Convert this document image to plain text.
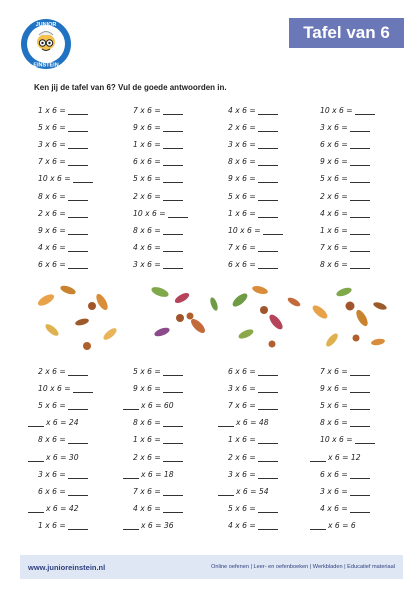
JUNIOR
EINSTEIN
Tafel van 6
Ken jij de tafel van 6? Vul de goede antwoorden in.
1 x 6 =	7 x 6 =	4 x 6 =	10 x 6 =
5 x 6 =	9 x 6 =	2 x 6 =	3 x 6 =
3 x 6 =	1 x 6 =	3 x 6 =	6 x 6 =
7 x 6 =	6 x 6 =	8 x 6 =	9 x 6 =
10 x 6 =	5 x 6 =	9 x 6 =	5 x 6 =
8 x 6 =	2 x 6 =	5 x 6 =	2 x 6 =
2 x 6 =	10 x 6 =	1 x 6 =	4 x 6 =
9 x 6 =	8 x 6 =	10 x 6 =	1 x 6 =
4 x 6 =	4 x 6 =	7 x 6 =	7 x 6 =
6 x 6 =	3 x 6 =	6 x 6 =	8 x 6 =
2 x 6 =	5 x 6 =	6 x 6 =	7 x 6 =
10 x 6 =	9 x 6 =	3 x 6 =	9 x 6 =
5 x 6 =	x 6 = 60	7 x 6 =	5 x 6 =
x 6 = 24	8 x 6 =	x 6 = 48	8 x 6 =
8 x 6 =	1 x 6 =	1 x 6 =	10 x 6 =
x 6 = 30	2 x 6 =	2 x 6 =	x 6 = 12
3 x 6 =	x 6 = 18	3 x 6 =	6 x 6 =
6 x 6 =	7 x 6 =	x 6 = 54	3 x 6 =
x 6 = 42	4 x 6 =	5 x 6 =	4 x 6 =
1 x 6 =	x 6 = 36	4 x 6 =	x 6 = 6
www.junioreinstein.nl	Online oefenen | Leer- en oefenboeken | Werkbladen | Educatief materiaal
